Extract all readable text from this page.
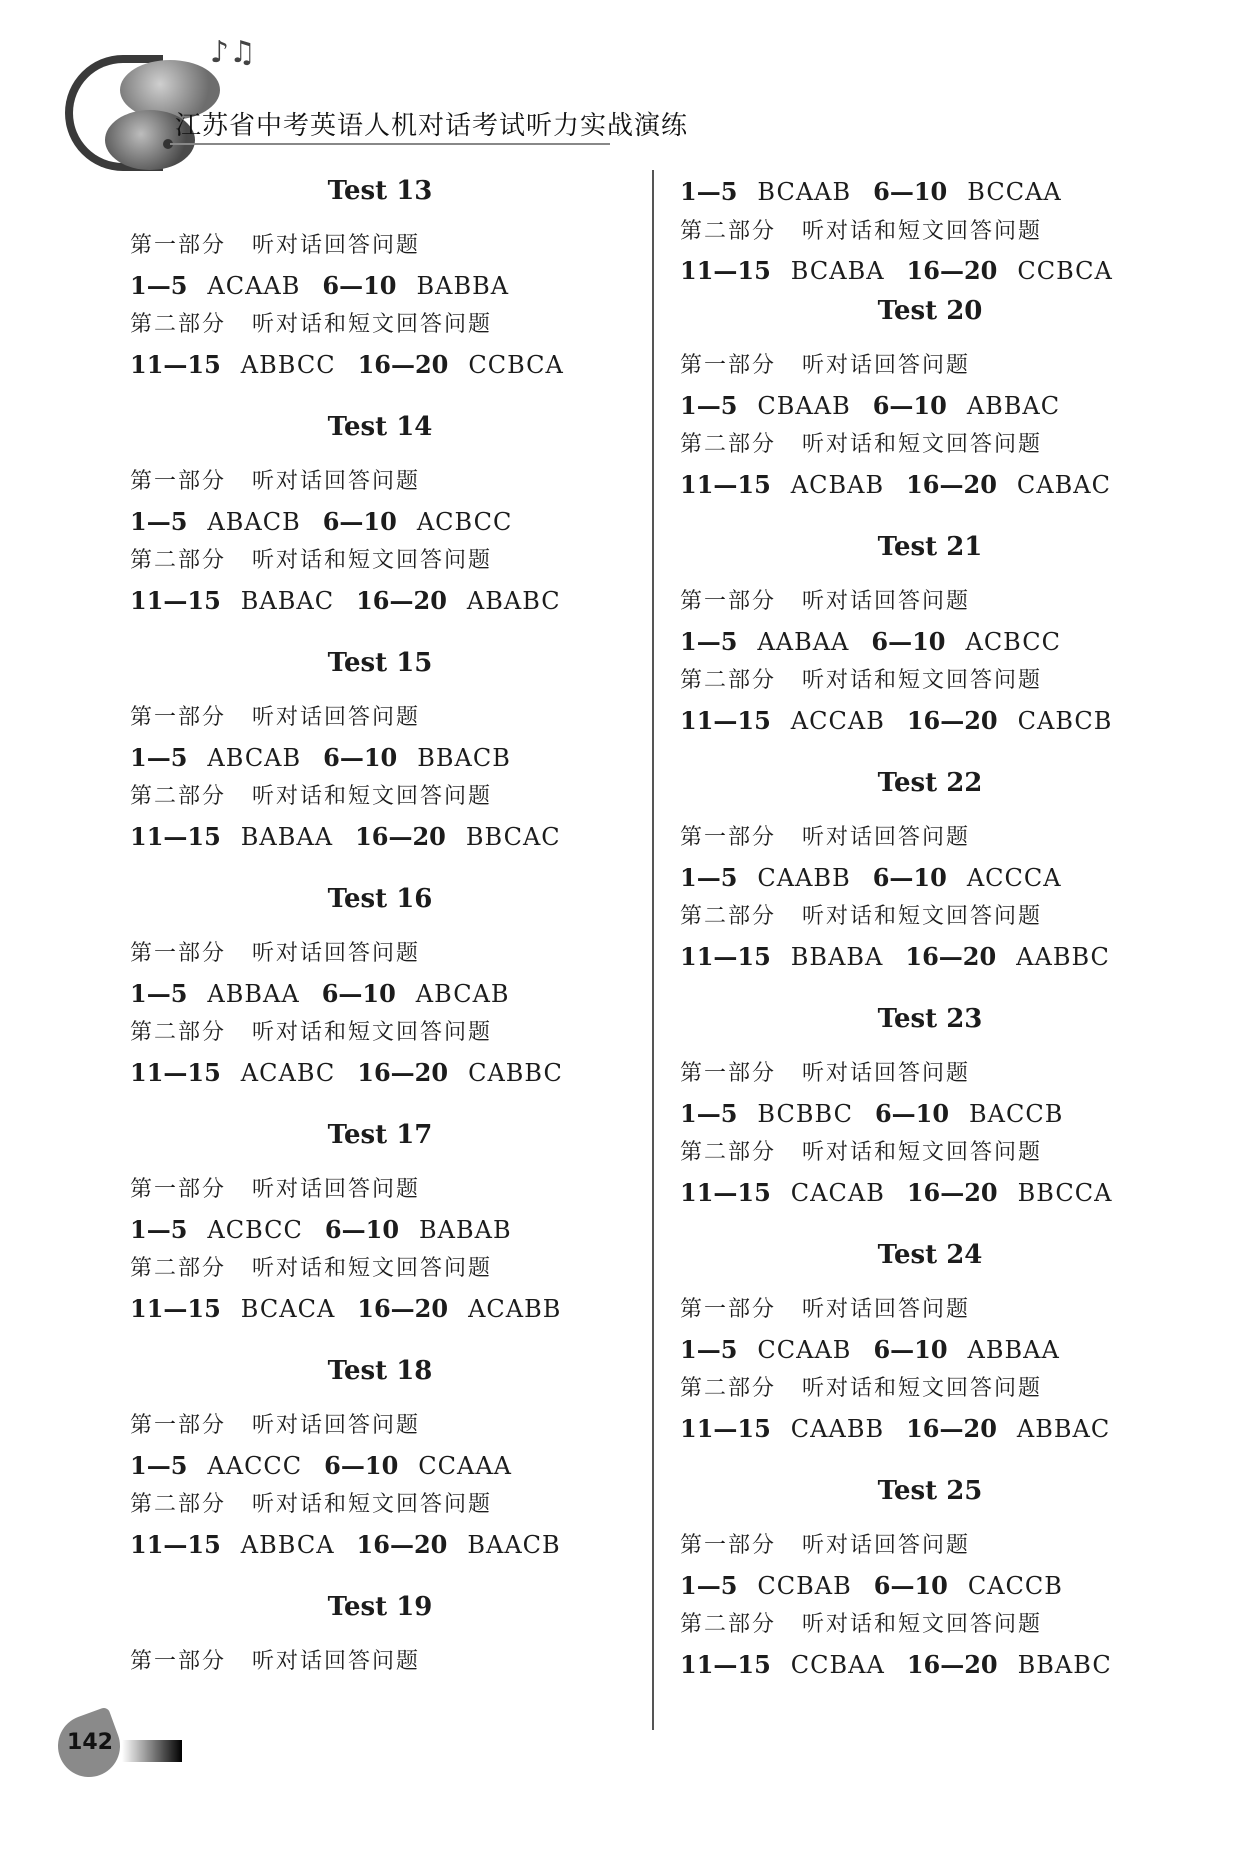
♪♫
江苏省中考英语人机对话考试听力实战演练
Test 13
第一部分 听对话回答问题
1—5 ACAAB 6—10 BABBA
第二部分 听对话和短文回答问题
11—15 ABBCC 16—20 CCBCA
Test 14
第一部分 听对话回答问题
1—5 ABACB 6—10 ACBCC
第二部分 听对话和短文回答问题
11—15 BABAC 16—20 ABABC
Test 15
第一部分 听对话回答问题
1—5 ABCAB 6—10 BBACB
第二部分 听对话和短文回答问题
11—15 BABAA 16—20 BBCAC
Test 16
第一部分 听对话回答问题
1—5 ABBAA 6—10 ABCAB
第二部分 听对话和短文回答问题
11—15 ACABC 16—20 CABBC
Test 17
第一部分 听对话回答问题
1—5 ACBCC 6—10 BABAB
第二部分 听对话和短文回答问题
11—15 BCACA 16—20 ACABB
Test 18
第一部分 听对话回答问题
1—5 AACCC 6—10 CCAAA
第二部分 听对话和短文回答问题
11—15 ABBCA 16—20 BAACB
Test 19
第一部分 听对话回答问题
1—5 BCAAB 6—10 BCCAA
第二部分 听对话和短文回答问题
11—15 BCABA 16—20 CCBCA
Test 20
第一部分 听对话回答问题
1—5 CBAAB 6—10 ABBAC
第二部分 听对话和短文回答问题
11—15 ACBAB 16—20 CABAC
Test 21
第一部分 听对话回答问题
1—5 AABAA 6—10 ACBCC
第二部分 听对话和短文回答问题
11—15 ACCAB 16—20 CABCB
Test 22
第一部分 听对话回答问题
1—5 CAABB 6—10 ACCCA
第二部分 听对话和短文回答问题
11—15 BBABA 16—20 AABBC
Test 23
第一部分 听对话回答问题
1—5 BCBBC 6—10 BACCB
第二部分 听对话和短文回答问题
11—15 CACAB 16—20 BBCCA
Test 24
第一部分 听对话回答问题
1—5 CCAAB 6—10 ABBAA
第二部分 听对话和短文回答问题
11—15 CAABB 16—20 ABBAC
Test 25
第一部分 听对话回答问题
1—5 CCBAB 6—10 CACCB
第二部分 听对话和短文回答问题
11—15 CCBAA 16—20 BBABC
142
